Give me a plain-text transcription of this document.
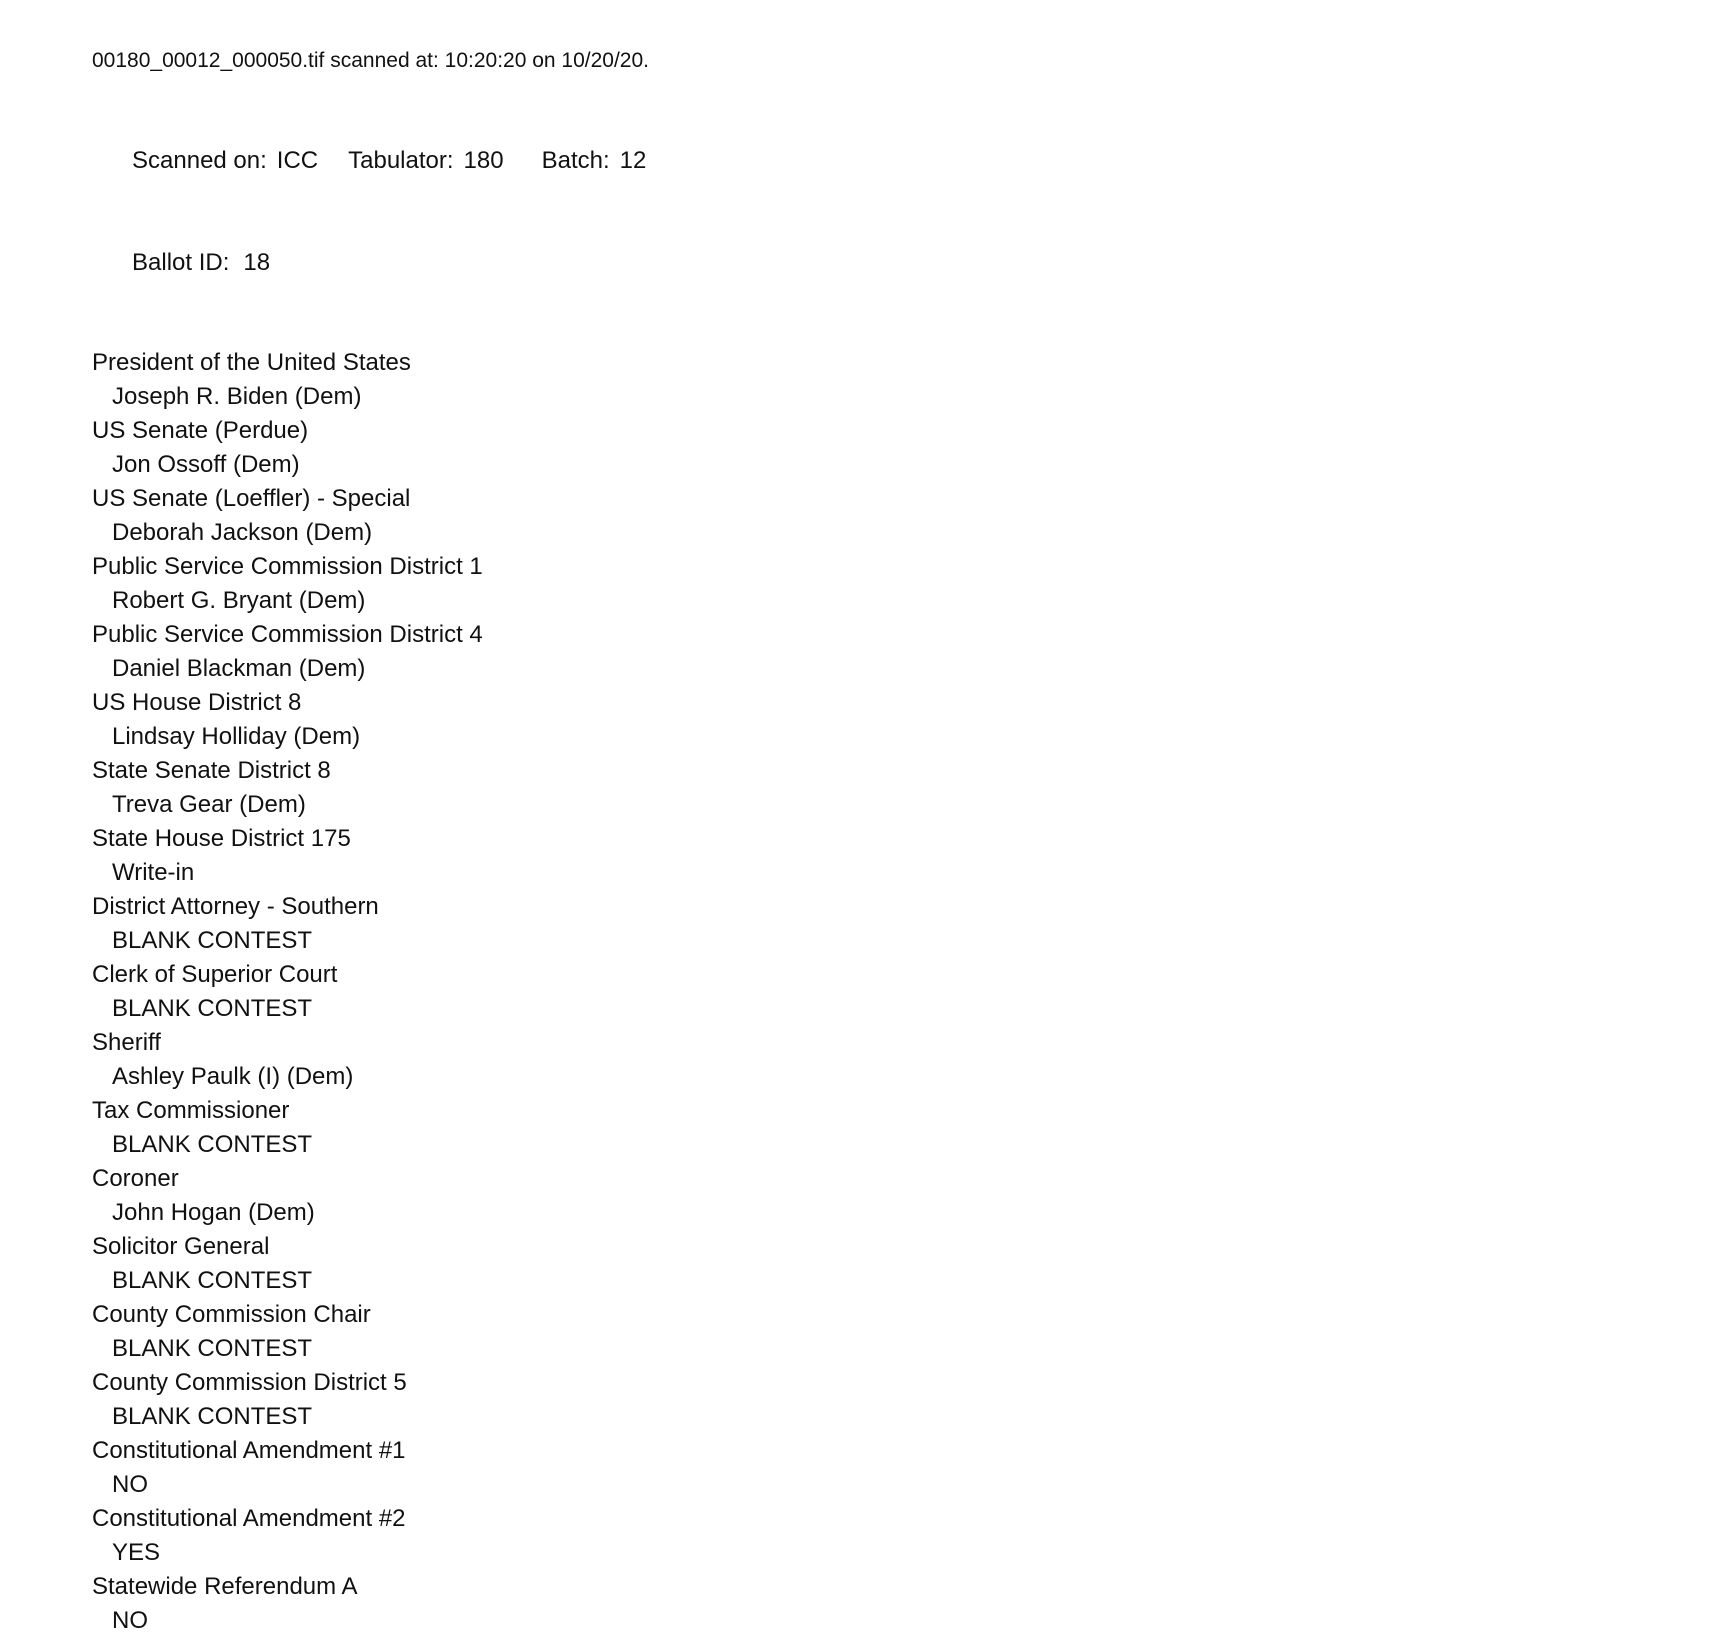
00180_00012_000050.tif scanned at: 10:20:20 on 10/20/20.

Scanned on: ICC Tabulator: 180 Batch: 12

Ballot ID: 18

President of the United States
Joseph R. Biden (Dem)
US Senate (Perdue)
Jon Ossoff (Dem)
US Senate (Loeffler) - Special
Deborah Jackson (Dem)
Public Service Commission District 1
Robert G. Bryant (Dem)
Public Service Commission District 4
Daniel Blackman (Dem)
US House District 8
Lindsay Holliday (Dem)
State Senate District 8
Treva Gear (Dem)
State House District 175
Write-in
District Attorney - Southern
BLANK CONTEST
Clerk of Superior Court
BLANK CONTEST
Sheriff
Ashley Paulk (I) (Dem)
Tax Commissioner
BLANK CONTEST
Coroner
John Hogan (Dem)
Solicitor General
BLANK CONTEST
County Commission Chair
BLANK CONTEST
County Commission District 5
BLANK CONTEST
Constitutional Amendment #1
NO
Constitutional Amendment #2
YES
Statewide Referendum A
NO
